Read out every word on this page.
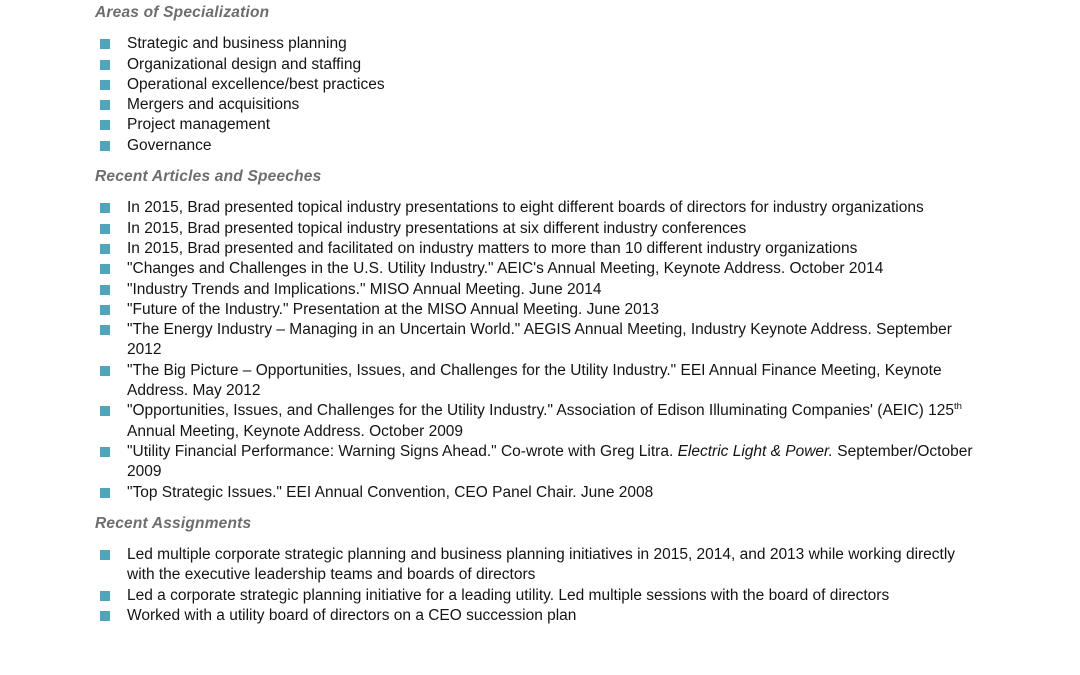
Areas of Specialization
Strategic and business planning
Organizational design and staffing
Operational excellence/best practices
Mergers and acquisitions
Project management
Governance
Recent Articles and Speeches
In 2015, Brad presented topical industry presentations to eight different boards of directors for industry organizations
In 2015, Brad presented topical industry presentations at six different industry conferences
In 2015, Brad presented and facilitated on industry matters to more than 10 different industry organizations
"Changes and Challenges in the U.S. Utility Industry." AEIC's Annual Meeting, Keynote Address. October 2014
"Industry Trends and Implications." MISO Annual Meeting. June 2014
"Future of the Industry." Presentation at the MISO Annual Meeting. June 2013
"The Energy Industry – Managing in an Uncertain World." AEGIS Annual Meeting, Industry Keynote Address. September 2012
"The Big Picture – Opportunities, Issues, and Challenges for the Utility Industry." EEI Annual Finance Meeting, Keynote Address. May 2012
"Opportunities, Issues, and Challenges for the Utility Industry." Association of Edison Illuminating Companies' (AEIC) 125th Annual Meeting, Keynote Address. October 2009
"Utility Financial Performance: Warning Signs Ahead." Co-wrote with Greg Litra. Electric Light & Power. September/October 2009
"Top Strategic Issues." EEI Annual Convention, CEO Panel Chair. June 2008
Recent Assignments
Led multiple corporate strategic planning and business planning initiatives in 2015, 2014, and 2013 while working directly with the executive leadership teams and boards of directors
Led a corporate strategic planning initiative for a leading utility. Led multiple sessions with the board of directors
Worked with a utility board of directors on a CEO succession plan
